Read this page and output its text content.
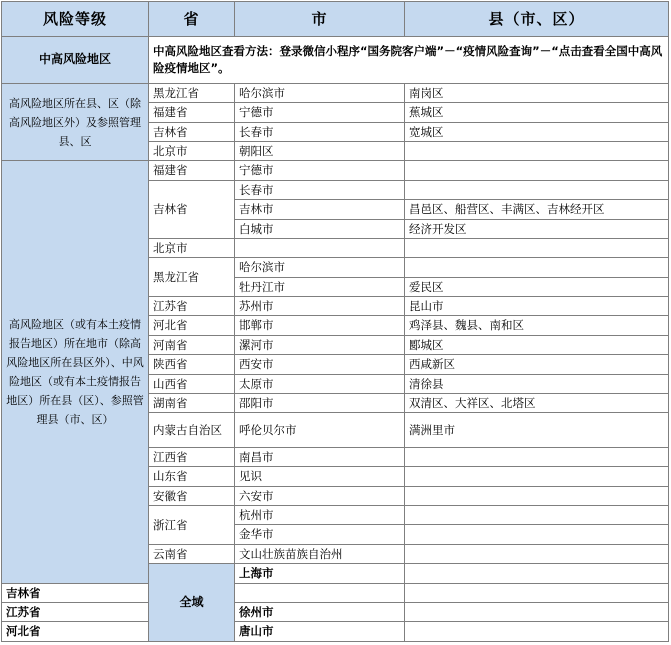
风险等级	省	市	县（市、区）	
中高风险地区	中高风险地区查看方法：登录微信小程序“国务院客户端”－“疫情风险查询”－“点击查看全国中高风险疫情地区”。			
高风险地区所在县、区（除高风险地区外）及参照管理县、区	黑龙江省	哈尔滨市	南岗区	
	福建省	宁德市	蕉城区	
	吉林省	长春市	宽城区	
	北京市	朝阳区		
高风险地区（或有本土疫情报告地区）所在地市（除高风险地区所在县区外）、中风险地区（或有本土疫情报告地区）所在县（区）、参照管理县（市、区）	福建省	宁德市		
	吉林省	长春市		
		吉林市	昌邑区、船营区、丰满区、吉林经开区	
		白城市	经济开发区	
	北京市			
	黑龙江省	哈尔滨市		
		牡丹江市	爱民区	
	江苏省	苏州市	昆山市	
	河北省	邯郸市	鸡泽县、魏县、南和区	
	河南省	漯河市	郾城区	
	陕西省	西安市	西咸新区	
	山西省	太原市	清徐县	
	湖南省	邵阳市	双清区、大祥区、北塔区	
	内蒙古自治区	呼伦贝尔市	满洲里市	
	江西省	南昌市		
	山东省	见识		
	安徽省	六安市		
	浙江省	杭州市		
		金华市		
	云南省	文山壮族苗族自治州		
	全域	上海市		
吉林省				
江苏省		徐州市		
河北省		唐山市		
